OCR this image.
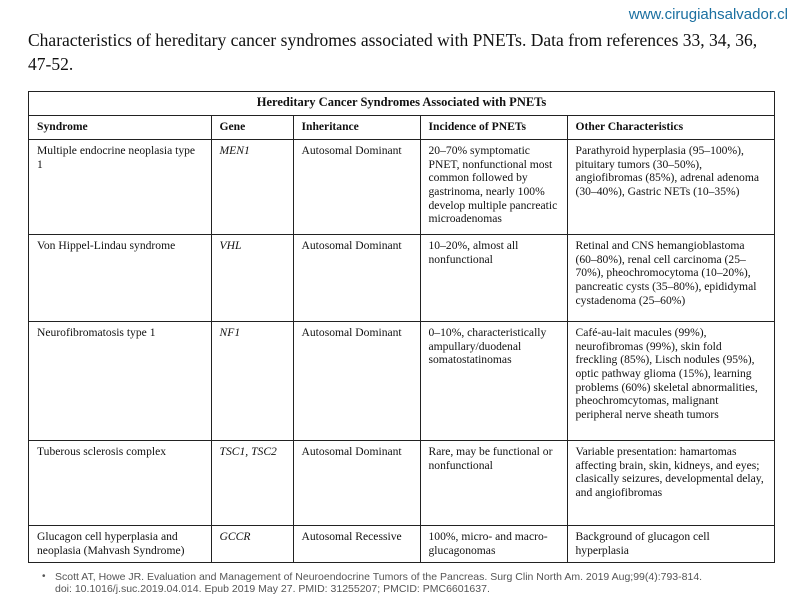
www.cirugiahsalvador.cl
Characteristics of hereditary cancer syndromes associated with PNETs. Data from references 33, 34, 36, 47-52.
Hereditary Cancer Syndromes Associated with PNETs				
Syndrome	Gene	Inheritance	Incidence of PNETs	Other Characteristics
Multiple endocrine neoplasia type 1	MEN1	Autosomal Dominant	20–70% symptomatic PNET, nonfunctional most common followed by gastrinoma, nearly 100% develop multiple pancreatic microadenomas	Parathyroid hyperplasia (95–100%), pituitary tumors (30–50%), angiofibromas (85%), adrenal adenoma (30–40%), Gastric NETs (10–35%)
Von Hippel-Lindau syndrome	VHL	Autosomal Dominant	10–20%, almost all nonfunctional	Retinal and CNS hemangioblastoma (60–80%), renal cell carcinoma (25–70%), pheochromocytoma (10–20%), pancreatic cysts (35–80%), epididymal cystadenoma (25–60%)
Neurofibromatosis type 1	NF1	Autosomal Dominant	0–10%, characteristically ampullary/duodenal somatostatinomas	Café-au-lait macules (99%), neurofibromas (99%), skin fold freckling (85%), Lisch nodules (95%), optic pathway glioma (15%), learning problems (60%) skeletal abnormalities, pheochromcytomas, malignant peripheral nerve sheath tumors
Tuberous sclerosis complex	TSC1, TSC2	Autosomal Dominant	Rare, may be functional or nonfunctional	Variable presentation: hamartomas affecting brain, skin, kidneys, and eyes; clasically seizures, developmental delay, and angiofibromas
Glucagon cell hyperplasia and neoplasia (Mahvash Syndrome)	GCCR	Autosomal Recessive	100%, micro- and macro-glucagonomas	Background of glucagon cell hyperplasia
• Scott AT, Howe JR. Evaluation and Management of Neuroendocrine Tumors of the Pancreas. Surg Clin North Am. 2019 Aug;99(4):793-814.
doi: 10.1016/j.suc.2019.04.014. Epub 2019 May 27. PMID: 31255207; PMCID: PMC6601637.
